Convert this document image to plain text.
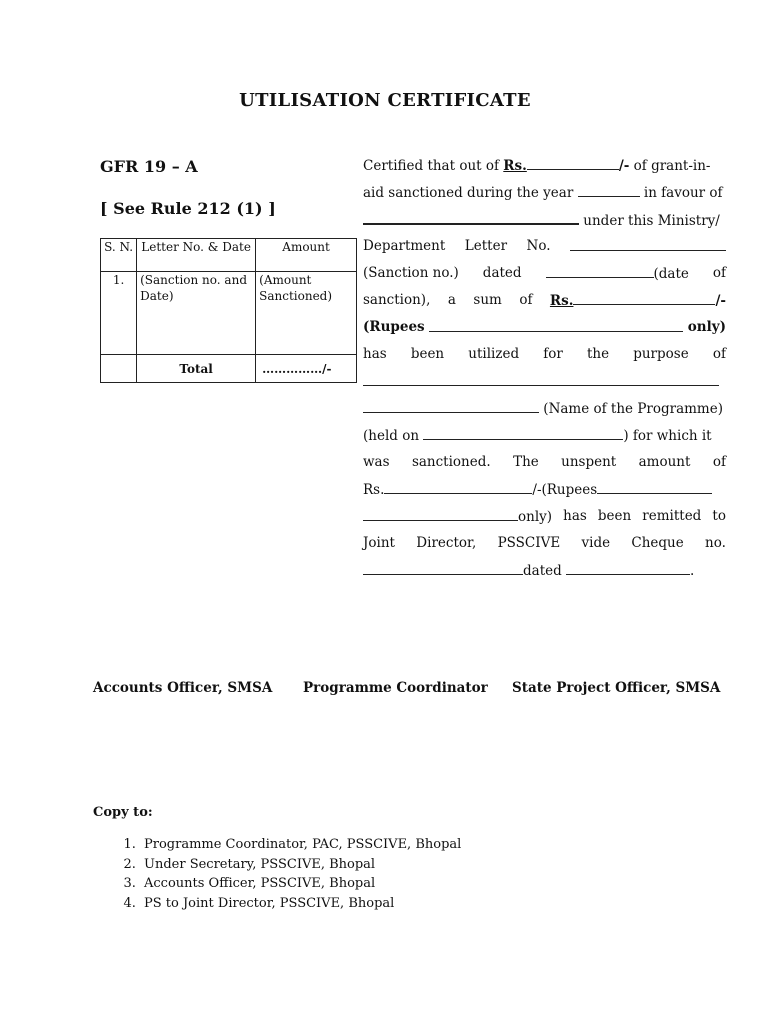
UTILISATION CERTIFICATE
GFR 19 – A
[ See Rule 212 (1) ]
S. N.	Letter No. & Date	Amount
1.	(Sanction no. and Date)	(Amount Sanctioned)
	Total	……………/-
Certified that out of Rs.	/- of grant-in-
aid sanctioned during the year	in favour of
under this Ministry/
Department Letter No.
(Sanction no.) dated	(date of
sanction), a sum of Rs.	/-
(Rupees	only)
has been utilized for the purpose of
(Name of the Programme)
(held on	) for which it
was sanctioned. The unspent amount of
Rs.	/-(Rupees
only) has been remitted to
Joint Director, PSSCIVE vide Cheque no.
dated	.
Accounts Officer, SMSA Programme Coordinator State Project Officer, SMSA
Copy to:
1. Programme Coordinator, PAC, PSSCIVE, Bhopal
2. Under Secretary, PSSCIVE, Bhopal
3. Accounts Officer, PSSCIVE, Bhopal
4. PS to Joint Director, PSSCIVE, Bhopal
